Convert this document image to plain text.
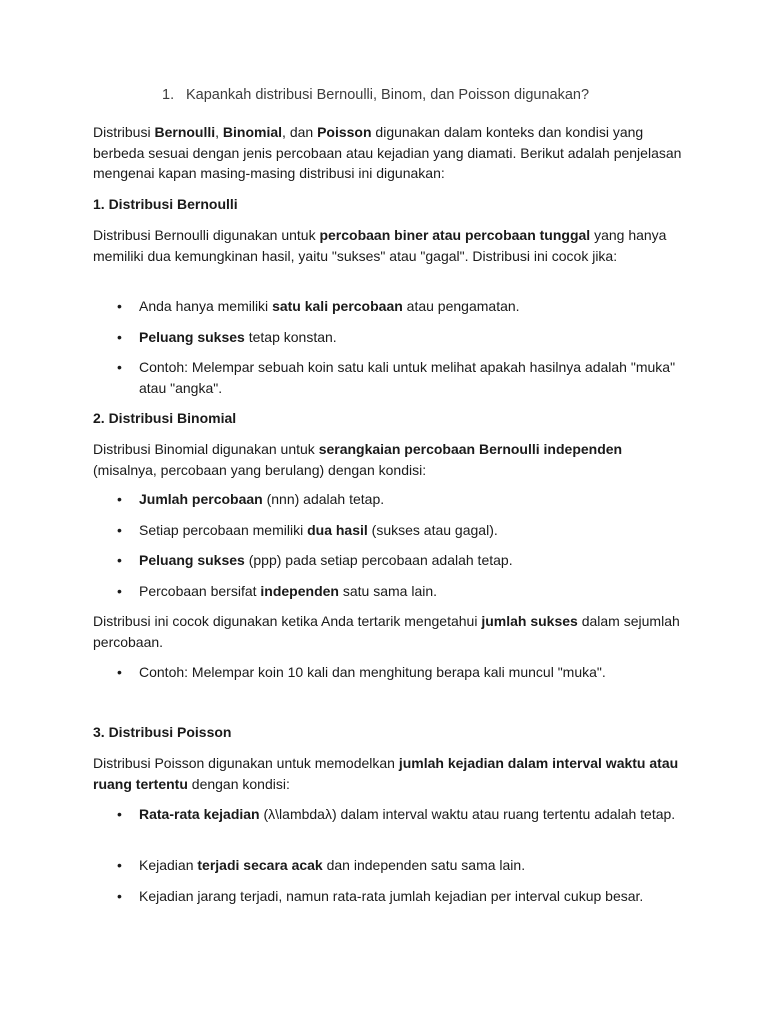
1. Kapankah distribusi Bernoulli, Binom, dan Poisson digunakan?
Distribusi Bernoulli, Binomial, dan Poisson digunakan dalam konteks dan kondisi yang berbeda sesuai dengan jenis percobaan atau kejadian yang diamati. Berikut adalah penjelasan mengenai kapan masing-masing distribusi ini digunakan:
1. Distribusi Bernoulli
Distribusi Bernoulli digunakan untuk percobaan biner atau percobaan tunggal yang hanya memiliki dua kemungkinan hasil, yaitu "sukses" atau "gagal". Distribusi ini cocok jika:
• Anda hanya memiliki satu kali percobaan atau pengamatan.
• Peluang sukses tetap konstan.
• Contoh: Melempar sebuah koin satu kali untuk melihat apakah hasilnya adalah "muka" atau "angka".
2. Distribusi Binomial
Distribusi Binomial digunakan untuk serangkaian percobaan Bernoulli independen (misalnya, percobaan yang berulang) dengan kondisi:
• Jumlah percobaan (nnn) adalah tetap.
• Setiap percobaan memiliki dua hasil (sukses atau gagal).
• Peluang sukses (ppp) pada setiap percobaan adalah tetap.
• Percobaan bersifat independen satu sama lain.
Distribusi ini cocok digunakan ketika Anda tertarik mengetahui jumlah sukses dalam sejumlah percobaan.
• Contoh: Melempar koin 10 kali dan menghitung berapa kali muncul "muka".
3. Distribusi Poisson
Distribusi Poisson digunakan untuk memodelkan jumlah kejadian dalam interval waktu atau ruang tertentu dengan kondisi:
• Rata-rata kejadian (λ\lambdaλ) dalam interval waktu atau ruang tertentu adalah tetap.
• Kejadian terjadi secara acak dan independen satu sama lain.
• Kejadian jarang terjadi, namun rata-rata jumlah kejadian per interval cukup besar.
